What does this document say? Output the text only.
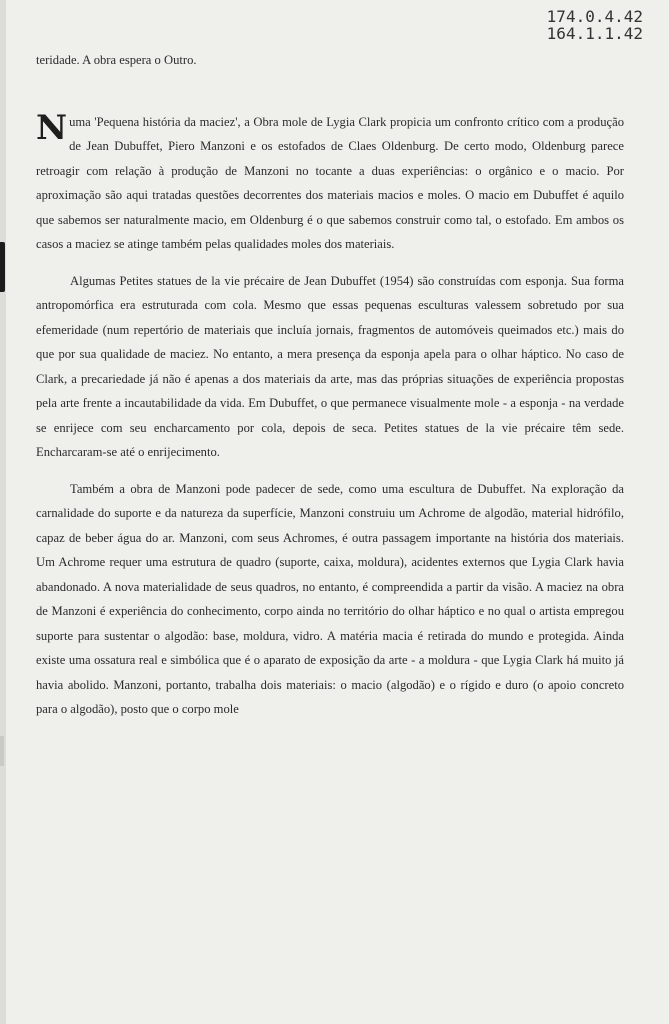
174.0.4.42
164.1.1.42

teridade. A obra espera o Outro.

N uma 'Pequena história da maciez', a Obra mole de Lygia Clark propicia um confronto crítico com a produção de Jean Dubuffet, Piero Manzoni e os estofados de Claes Oldenburg. De certo modo, Oldenburg parece retroagir com relação à produção de Manzoni no tocante a duas experiências: o orgânico e o macio. Por aproximação são aqui tratadas questões decorrentes dos materiais macios e moles. O macio em Dubuffet é aquilo que sabemos ser naturalmente macio, em Oldenburg é o que sabemos construir como tal, o estofado. Em ambos os casos a maciez se atinge também pelas qualidades moles dos materiais.

Algumas Petites statues de la vie précaire de Jean Dubuffet (1954) são construídas com esponja. Sua forma antropomórfica era estruturada com cola. Mesmo que essas pequenas esculturas valessem sobretudo por sua efemeridade (num repertório de materiais que incluía jornais, fragmentos de automóveis queimados etc.) mais do que por sua qualidade de maciez. No entanto, a mera presença da esponja apela para o olhar háptico. No caso de Clark, a precariedade já não é apenas a dos materiais da arte, mas das próprias situações de experiência propostas pela arte frente a incautabilidade da vida. Em Dubuffet, o que permanece visualmente mole - a esponja - na verdade se enrijece com seu encharcamento por cola, depois de seca. Petites statues de la vie précaire têm sede. Encharcaram-se até o enrijecimento.

Também a obra de Manzoni pode padecer de sede, como uma escultura de Dubuffet. Na exploração da carnalidade do suporte e da natureza da superfície, Manzoni construiu um Achrome de algodão, material hidrófilo, capaz de beber água do ar. Manzoni, com seus Achromes, é outra passagem importante na história dos materiais. Um Achrome requer uma estrutura de quadro (suporte, caixa, moldura), acidentes externos que Lygia Clark havia abandonado. A nova materialidade de seus quadros, no entanto, é compreendida a partir da visão. A maciez na obra de Manzoni é experiência do conhecimento, corpo ainda no território do olhar háptico e no qual o artista empregou suporte para sustentar o algodão: base, moldura, vidro. A matéria macia é retirada do mundo e protegida. Ainda existe uma ossatura real e simbólica que é o aparato de exposição da arte - a moldura - que Lygia Clark há muito já havia abolido. Manzoni, portanto, trabalha dois materiais: o macio (algodão) e o rígido e duro (o apoio concreto para o algodão), posto que o corpo mole
